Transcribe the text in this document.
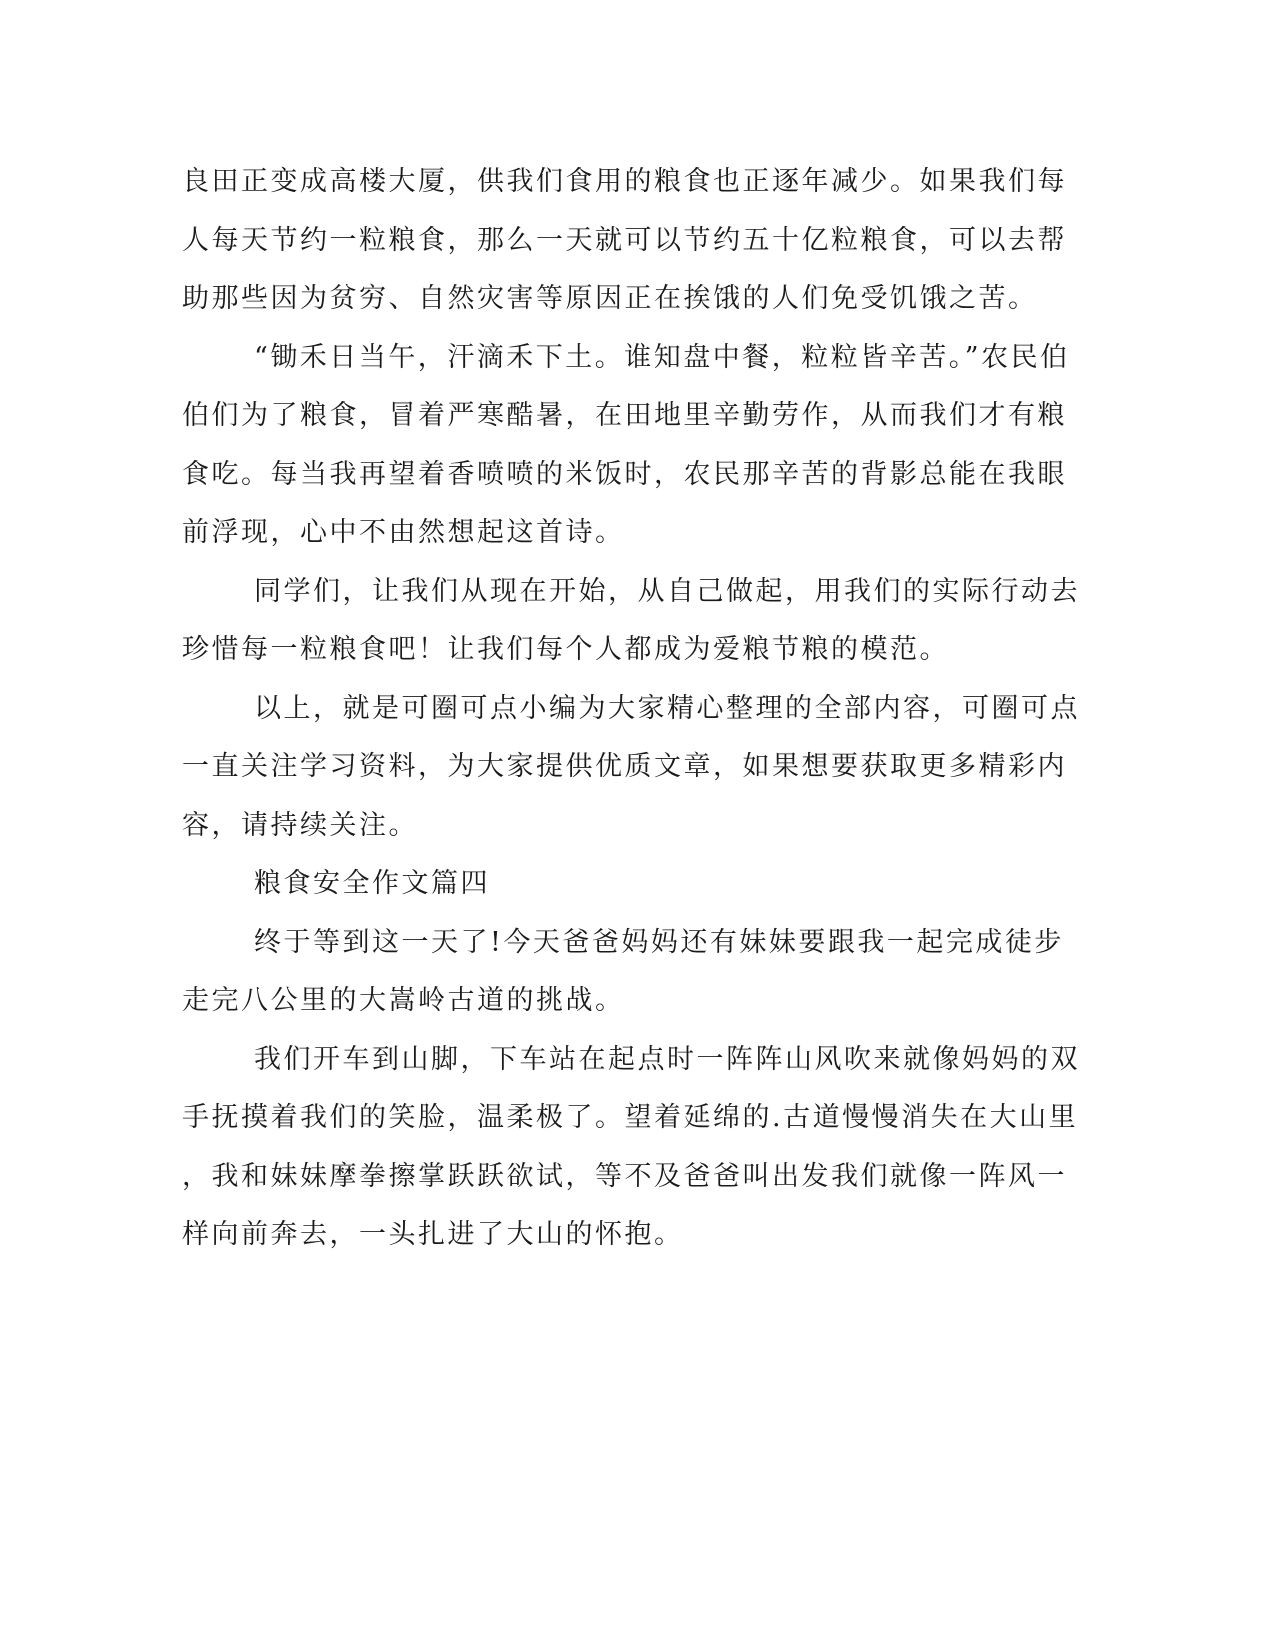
良田正变成高楼大厦，供我们食用的粮食也正逐年减少。如果我们每
人每天节约一粒粮食，那么一天就可以节约五十亿粒粮食，可以去帮
助那些因为贫穷、自然灾害等原因正在挨饿的人们免受饥饿之苦。
“锄禾日当午，汗滴禾下土。谁知盘中餐，粒粒皆辛苦。”农民伯
伯们为了粮食，冒着严寒酷暑，在田地里辛勤劳作，从而我们才有粮
食吃。每当我再望着香喷喷的米饭时，农民那辛苦的背影总能在我眼
前浮现，心中不由然想起这首诗。
同学们，让我们从现在开始，从自己做起，用我们的实际行动去
珍惜每一粒粮食吧！让我们每个人都成为爱粮节粮的模范。
以上，就是可圈可点小编为大家精心整理的全部内容，可圈可点
一直关注学习资料，为大家提供优质文章，如果想要获取更多精彩内
容，请持续关注。
粮食安全作文篇四
终于等到这一天了!今天爸爸妈妈还有妹妹要跟我一起完成徒步
走完八公里的大嵩岭古道的挑战。
我们开车到山脚，下车站在起点时一阵阵山风吹来就像妈妈的双
手抚摸着我们的笑脸，温柔极了。望着延绵的.古道慢慢消失在大山里
，我和妹妹摩拳擦掌跃跃欲试，等不及爸爸叫出发我们就像一阵风一
样向前奔去，一头扎进了大山的怀抱。
